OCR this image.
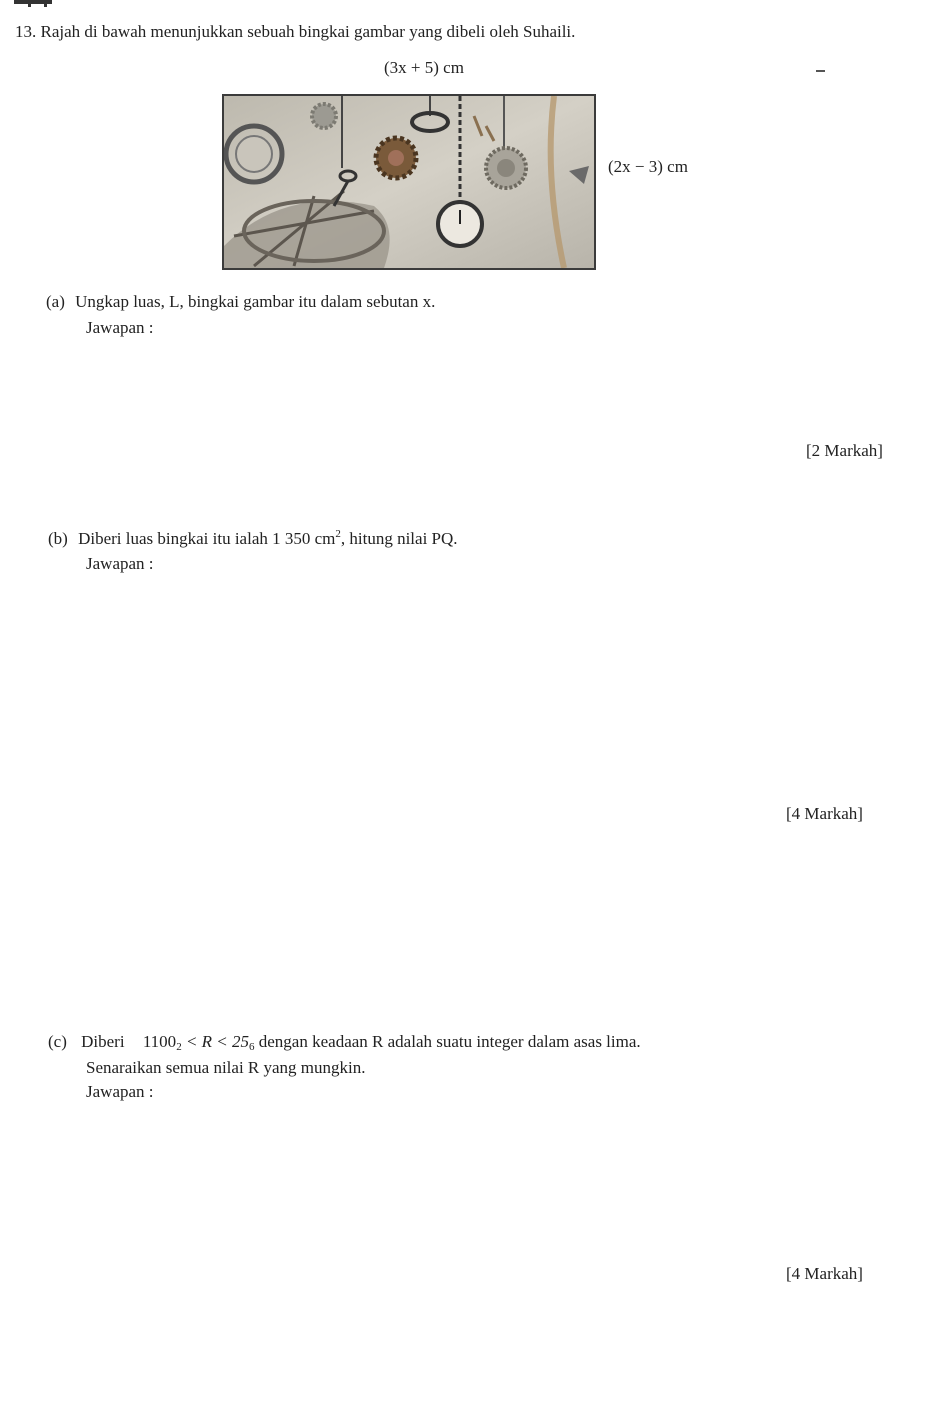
13. Rajah di bawah menunjukkan sebuah bingkai gambar yang dibeli oleh Suhaili.
(3x + 5) cm
(2x − 3) cm
(a) Ungkap luas, L, bingkai gambar itu dalam sebutan x.
Jawapan :
[2 Markah]
(b) Diberi luas bingkai itu ialah 1 350 $cm^2$, hitung nilai PQ.
Jawapan :
[4 Markah]
(c) Diberi $1100_2 < R < 25_6$ dengan keadaan R adalah suatu integer dalam asas lima.
Senaraikan semua nilai R yang mungkin.
Jawapan :
[4 Markah]
